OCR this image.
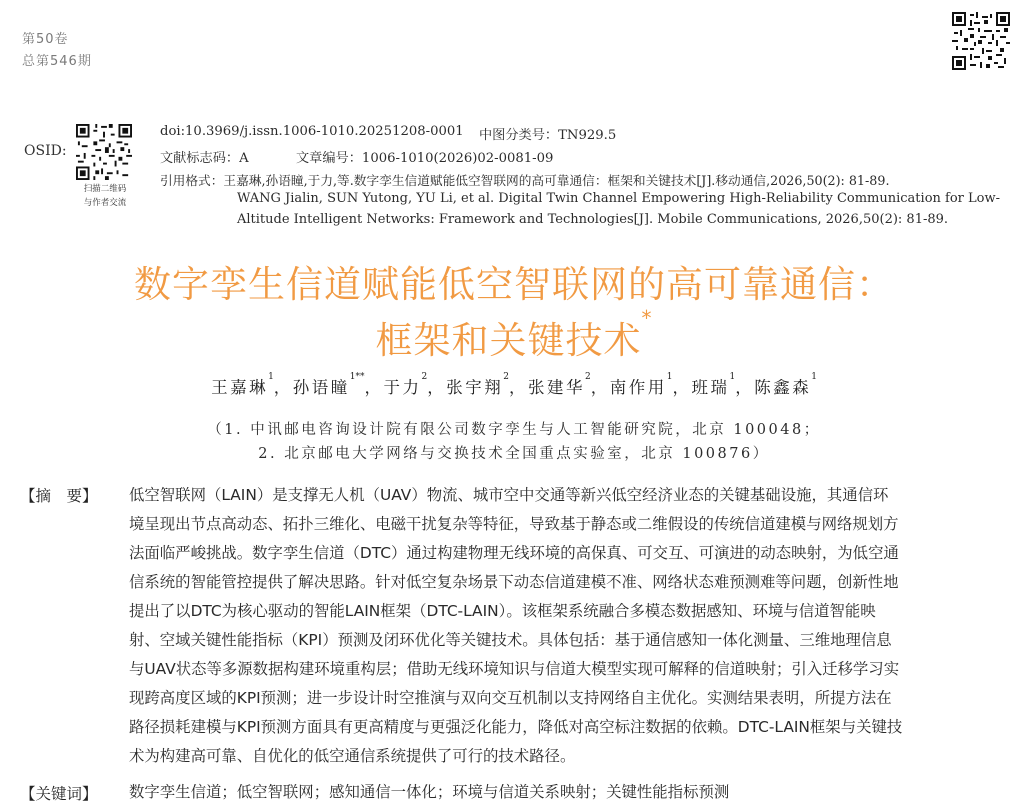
第50卷
总第546期
OSID:
扫描二维码
与作者交流
doi:10.3969/j.issn.1006-1010.20251208-0001 中图分类号：TN929.5
文献标志码：A	文章编号：1006-1010(2026)02-0081-09
引用格式：王嘉琳,孙语瞳,于力,等.数字孪生信道赋能低空智联网的高可靠通信：框架和关键技术[J].移动通信,2026,50(2): 81-89.
WANG Jialin, SUN Yutong, YU Li, et al. Digital Twin Channel Empowering High-Reliability Communication for Low-
Altitude Intelligent Networks: Framework and Technologies[J]. Mobile Communications, 2026,50(2): 81-89.
数字孪生信道赋能低空智联网的高可靠通信：
框架和关键技术*
王嘉琳$^1$，孙语瞳$^{1**}$，于力$^2$，张宇翔$^2$，张建华$^2$，南作用$^1$，班瑞$^1$，陈鑫森$^1$
（1. 中讯邮电咨询设计院有限公司数字孪生与人工智能研究院，北京 100048；
2. 北京邮电大学网络与交换技术全国重点实验室，北京 100876）
【摘　要】 低空智联网（LAIN）是支撑无人机（UAV）物流、城市空中交通等新兴低空经济业态的关键基础设施，其通信环
境呈现出节点高动态、拓扑三维化、电磁干扰复杂等特征，导致基于静态或二维假设的传统信道建模与网络规划方
法面临严峻挑战。数字孪生信道（DTC）通过构建物理无线环境的高保真、可交互、可演进的动态映射，为低空通
信系统的智能管控提供了解决思路。针对低空复杂场景下动态信道建模不准、网络状态难预测难等问题，创新性地
提出了以DTC为核心驱动的智能LAIN框架（DTC-LAIN）。该框架系统融合多模态数据感知、环境与信道智能映
射、空域关键性能指标（KPI）预测及闭环优化等关键技术。具体包括：基于通信感知一体化测量、三维地理信息
与UAV状态等多源数据构建环境重构层；借助无线环境知识与信道大模型实现可解释的信道映射；引入迁移学习实
现跨高度区域的KPI预测；进一步设计时空推演与双向交互机制以支持网络自主优化。实测结果表明，所提方法在
路径损耗建模与KPI预测方面具有更高精度与更强泛化能力，降低对高空标注数据的依赖。DTC-LAIN框架与关键技
术为构建高可靠、自优化的低空通信系统提供了可行的技术路径。
【关键词】 数字孪生信道；低空智联网；感知通信一体化；环境与信道关系映射；关键性能指标预测
